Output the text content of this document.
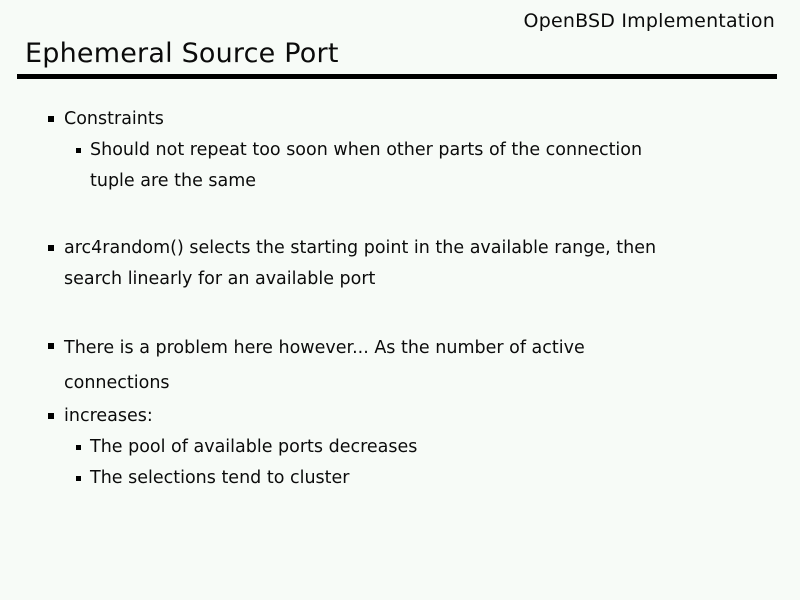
OpenBSD Implementation
Ephemeral Source Port
Constraints
Should not repeat too soon when other parts of the connection
tuple are the same
arc4random() selects the starting point in the available range, then
search linearly for an available port
There is a problem here however... As the number of active
connections
increases:
The pool of available ports decreases
The selections tend to cluster
